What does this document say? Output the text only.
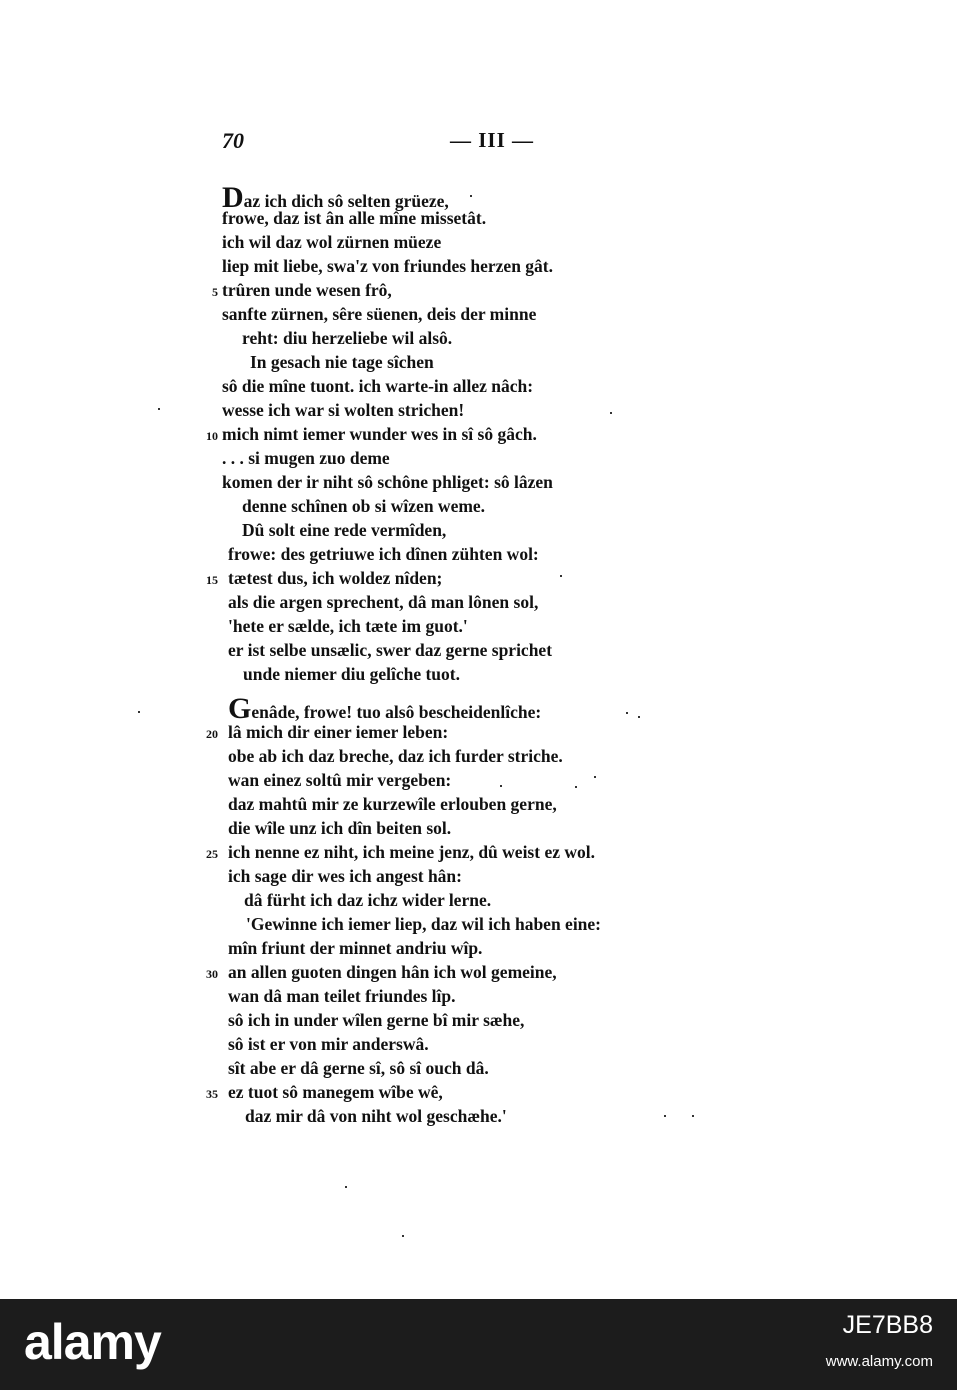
70	— III —
Daz ich dich sô selten grüeze,
frowe, daz ist ân alle mîne missetât.
ich wil daz wol zürnen müeze
liep mit liebe, swa'z von friundes herzen gât.
trûren unde wesen frô,
5
sanfte zürnen, sêre süenen, deis der minne
reht: diu herzeliebe wil alsô.
In gesach nie tage sîchen
sô die mîne tuont. ich warte-in allez nâch:
wesse ich war si wolten strichen!
mich nimt iemer wunder wes in sî sô gâch.
10
. . . si mugen zuo deme
komen der ir niht sô schône phliget: sô lâzen
denne schînen ob si wîzen weme.
Dû solt eine rede vermîden,
frowe: des getriuwe ich dînen zühten wol:
tætest dus, ich woldez nîden;
15
als die argen sprechent, dâ man lônen sol,
'hete er sælde, ich tæte im guot.'
er ist selbe unsælic, swer daz gerne sprichet
unde niemer diu gelîche tuot.
Genâde, frowe! tuo alsô bescheidenlîche:
lâ mich dir einer iemer leben:
20
obe ab ich daz breche, daz ich furder striche.
wan einez soltû mir vergeben:
daz mahtû mir ze kurzewîle erlouben gerne,
die wîle unz ich dîn beiten sol.
ich nenne ez niht, ich meine jenz, dû weist ez wol.
25
ich sage dir wes ich angest hân:
dâ fürht ich daz ichz wider lerne.
'Gewinne ich iemer liep, daz wil ich haben eine:
mîn friunt der minnet andriu wîp.
an allen guoten dingen hân ich wol gemeine,
30
wan dâ man teilet friundes lîp.
sô ich in under wîlen gerne bî mir sæhe,
sô ist er von mir anderswâ.
sît abe er dâ gerne sî, sô sî ouch dâ.
ez tuot sô manegem wîbe wê,
35
daz mir dâ von niht wol geschæhe.'
alamy	JE7BB8
www.alamy.com
